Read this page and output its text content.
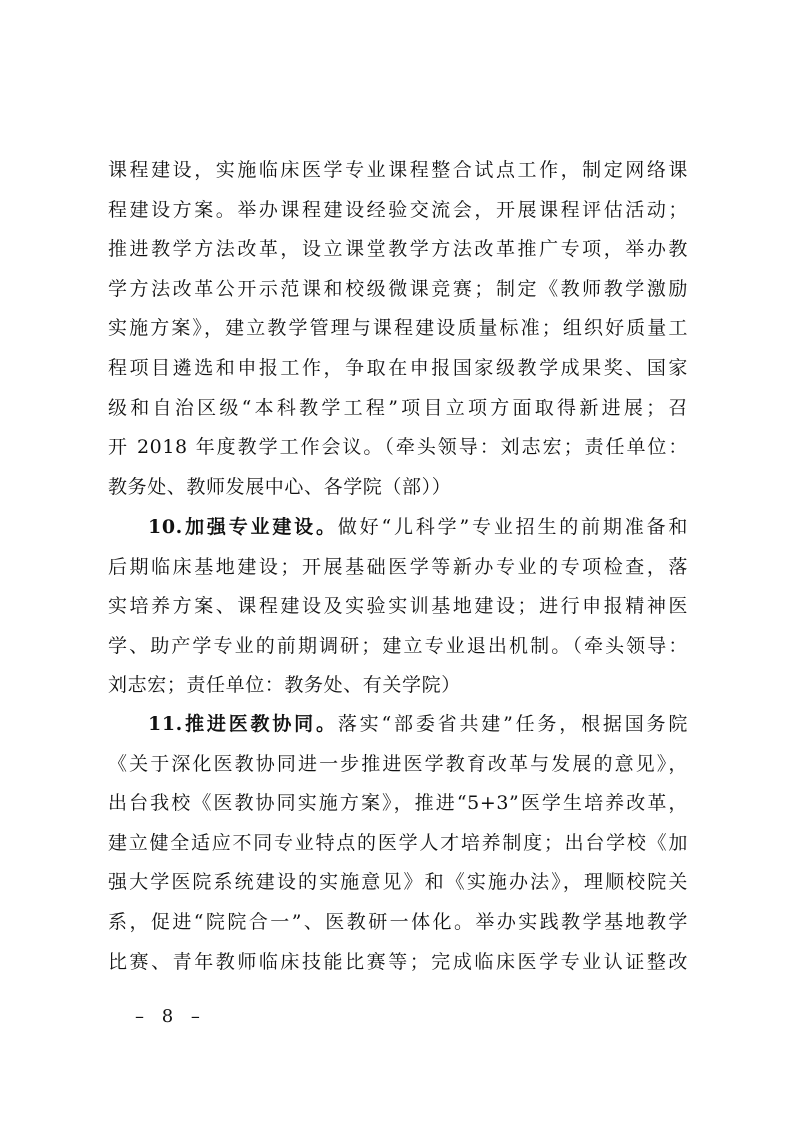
课程建设，实施临床医学专业课程整合试点工作，制定网络课
程建设方案。举办课程建设经验交流会，开展课程评估活动；
推进教学方法改革，设立课堂教学方法改革推广专项，举办教
学方法改革公开示范课和校级微课竞赛；制定《教师教学激励
实施方案》，建立教学管理与课程建设质量标准；组织好质量工
程项目遴选和申报工作，争取在申报国家级教学成果奖、国家
级和自治区级“本科教学工程”项目立项方面取得新进展；召
开 2018 年度教学工作会议。（牵头领导：刘志宏；责任单位：
教务处、教师发展中心、各学院（部））
10.加强专业建设。做好“儿科学”专业招生的前期准备和
后期临床基地建设；开展基础医学等新办专业的专项检查，落
实培养方案、课程建设及实验实训基地建设；进行申报精神医
学、助产学专业的前期调研；建立专业退出机制。（牵头领导：
刘志宏；责任单位：教务处、有关学院）
11.推进医教协同。落实“部委省共建”任务，根据国务院
《关于深化医教协同进一步推进医学教育改革与发展的意见》，
出台我校《医教协同实施方案》，推进“5+3”医学生培养改革，
建立健全适应不同专业特点的医学人才培养制度；出台学校《加
强大学医院系统建设的实施意见》和《实施办法》，理顺校院关
系，促进“院院合一”、医教研一体化。举办实践教学基地教学
比赛、青年教师临床技能比赛等；完成临床医学专业认证整改
– 8 –
